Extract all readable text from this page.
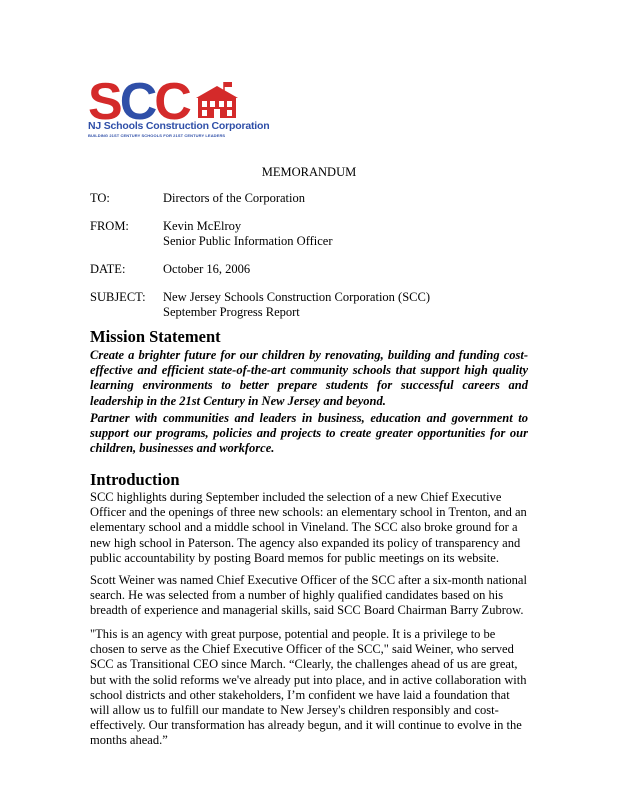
SCC
NJ Schools Construction Corporation
BUILDING 21ST CENTURY SCHOOLS FOR 21ST CENTURY LEADERS
MEMORANDUM
TO:	Directors of the Corporation
FROM:	Kevin McElroy
Senior Public Information Officer
DATE:	October 16, 2006
SUBJECT: New Jersey Schools Construction Corporation (SCC)
September Progress Report
Mission Statement
Create a brighter future for our children by renovating, building and funding cost-effective and efficient state-of-the-art community schools that support high quality learning environments to better prepare students for successful careers and leadership in the 21st Century in New Jersey and beyond.
Partner with communities and leaders in business, education and government to support our programs, policies and projects to create greater opportunities for our children, businesses and workforce.
Introduction
SCC highlights during September included the selection of a new Chief Executive Officer and the openings of three new schools: an elementary school in Trenton, and an elementary school and a middle school in Vineland. The SCC also broke ground for a new high school in Paterson. The agency also expanded its policy of transparency and public accountability by posting Board memos for public meetings on its website.
Scott Weiner was named Chief Executive Officer of the SCC after a six-month national search. He was selected from a number of highly qualified candidates based on his breadth of experience and managerial skills, said SCC Board Chairman Barry Zubrow.
"This is an agency with great purpose, potential and people. It is a privilege to be chosen to serve as the Chief Executive Officer of the SCC," said Weiner, who served SCC as Transitional CEO since March. “Clearly, the challenges ahead of us are great, but with the solid reforms we've already put into place, and in active collaboration with school districts and other stakeholders, I’m confident we have laid a foundation that will allow us to fulfill our mandate to New Jersey's children responsibly and cost-effectively. Our transformation has already begun, and it will continue to evolve in the months ahead.”
